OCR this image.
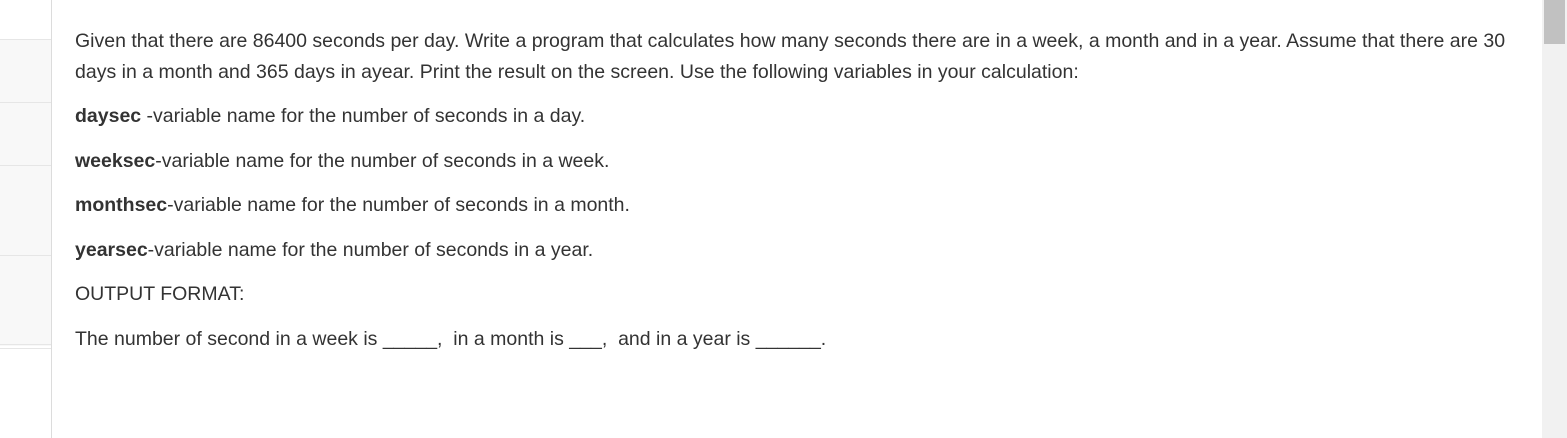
Given that there are 86400 seconds per day. Write a program that calculates how many seconds there are in a week, a month and in a year. Assume that there are 30 days in a month and 365 days in ayear. Print the result on the screen. Use the following variables in your calculation:

daysec -variable name for the number of seconds in a day.

weeksec-variable name for the number of seconds in a week.

monthsec-variable name for the number of seconds in a month.

yearsec-variable name for the number of seconds in a year.

OUTPUT FORMAT:

The number of second in a week is _____,  in a month is ___,  and in a year is ______.
